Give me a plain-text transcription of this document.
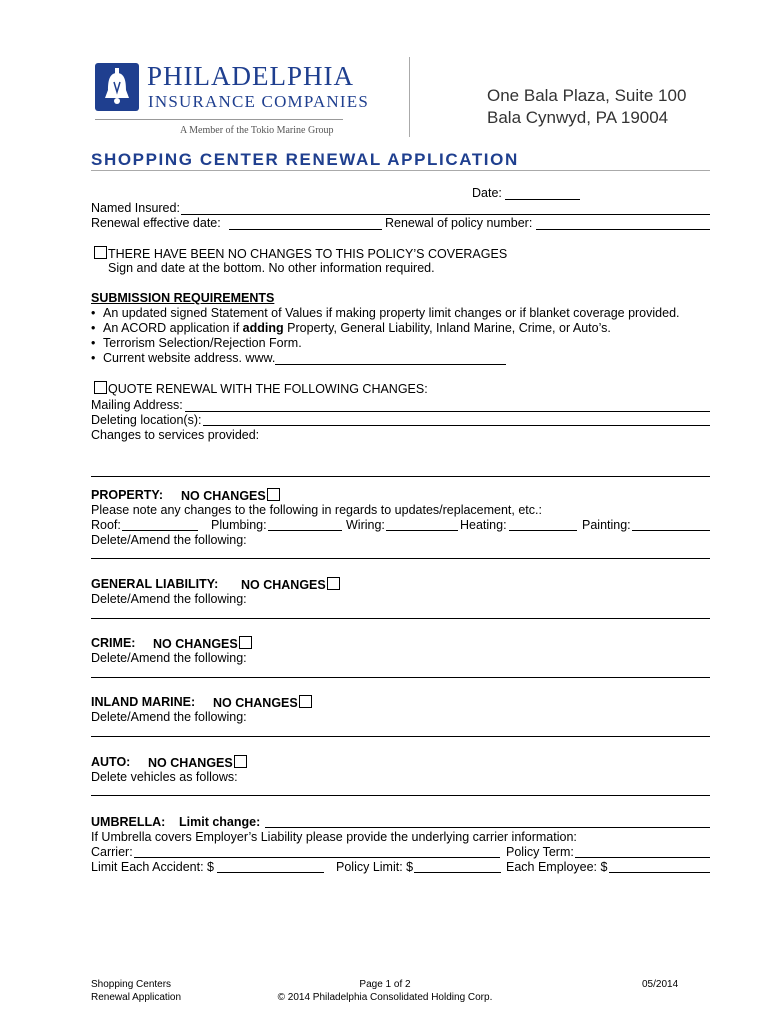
PHILADELPHIA
INSURANCE COMPANIES
A Member of the Tokio Marine Group
One Bala Plaza, Suite 100
Bala Cynwyd, PA 19004
SHOPPING CENTER RENEWAL APPLICATION
Date:
Named Insured:
Renewal effective date:	Renewal of policy number:
THERE HAVE BEEN NO CHANGES TO THIS POLICY’S COVERAGES
Sign and date at the bottom. No other information required.
SUBMISSION REQUIREMENTS
• An updated signed Statement of Values if making property limit changes or if blanket coverage provided.
• An ACORD application if adding Property, General Liability, Inland Marine, Crime, or Auto’s.
• Terrorism Selection/Rejection Form.
• Current website address. www.
QUOTE RENEWAL WITH THE FOLLOWING CHANGES:
Mailing Address:
Deleting location(s):
Changes to services provided:
PROPERTY: NO CHANGES
Please note any changes to the following in regards to updates/replacement, etc.:
Roof:	Plumbing:	Wiring:	Heating:	Painting:
Delete/Amend the following:
GENERAL LIABILITY: NO CHANGES
Delete/Amend the following:
CRIME: NO CHANGES
Delete/Amend the following:
INLAND MARINE: NO CHANGES
Delete/Amend the following:
AUTO: NO CHANGES
Delete vehicles as follows:
UMBRELLA: Limit change:
If Umbrella covers Employer’s Liability please provide the underlying carrier information:
Carrier:	Policy Term:
Limit Each Accident: $	Policy Limit: $	Each Employee: $
Shopping Centers
Renewal Application
Page 1 of 2
© 2014 Philadelphia Consolidated Holding Corp.
05/2014
